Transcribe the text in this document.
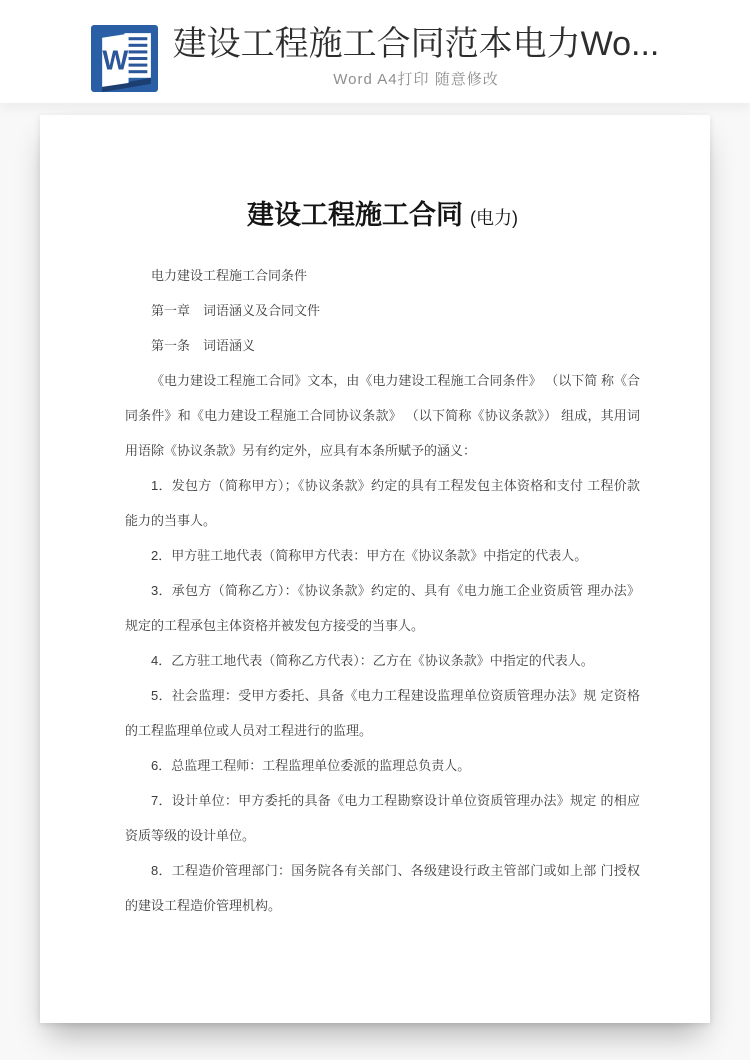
W 建设工程施工合同范本电力Wo...
Word A4打印 随意修改
建设工程施工合同 (电力)

电力建设工程施工合同条件

第一章　词语涵义及合同文件

第一条　词语涵义

《电力建设工程施工合同》文本，由《电力建设工程施工合同条件》 （以下简 称《合同条件》和《电力建设工程施工合同协议条款》 （以下简称《协议条款》） 组成，其用词用语除《协议条款》另有约定外，应具有本条所赋予的涵义：

1．发包方（简称甲方）；《协议条款》约定的具有工程发包主体资格和支付 工程价款能力的当事人。

2．甲方驻工地代表（简称甲方代表：甲方在《协议条款》中指定的代表人。

3．承包方（简称乙方）：《协议条款》约定的、具有《电力施工企业资质管 理办法》规定的工程承包主体资格并被发包方接受的当事人。

4．乙方驻工地代表（简称乙方代表）：乙方在《协议条款》中指定的代表人。

5．社会监理：受甲方委托、具备《电力工程建设监理单位资质管理办法》规 定资格的工程监理单位或人员对工程进行的监理。

6．总监理工程师：工程监理单位委派的监理总负责人。

7．设计单位：甲方委托的具备《电力工程勘察设计单位资质管理办法》规定 的相应资质等级的设计单位。

8．工程造价管理部门：国务院各有关部门、各级建设行政主管部门或如上部 门授权的建设工程造价管理机构。
